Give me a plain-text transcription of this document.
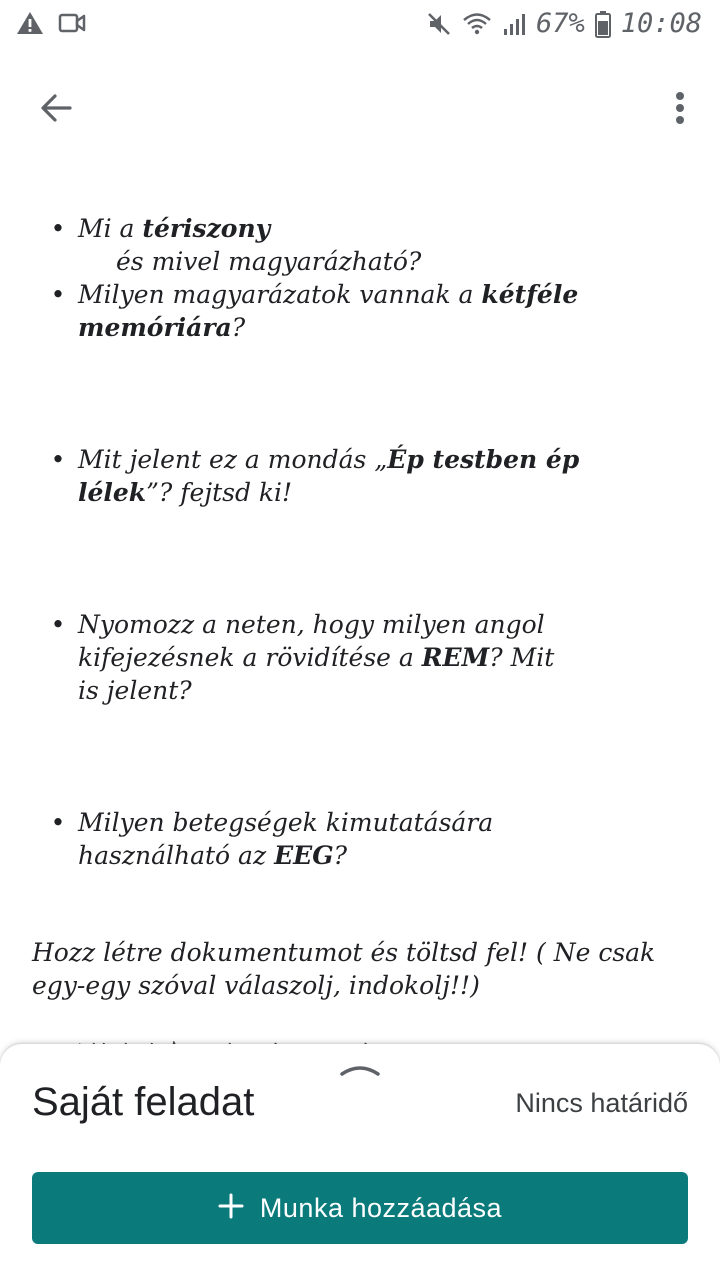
67% 10:08
• Mi a tériszony
és mivel magyarázható?
• Milyen magyarázatok vannak a kétféle memóriára?
• Mit jelent ez a mondás „Ép testben ép lélek”? fejtsd ki!
• Nyomozz a neten, hogy milyen angol kifejezésnek a rövidítése a REM? Mit is jelent?
• Milyen betegségek kimutatására használható az EEG?
Hozz létre dokumentumot és töltsd fel! ( Ne csak egy-egy szóval válaszolj, indokolj!!)
Saját feladat	Nincs határidő
Munka hozzáadása
